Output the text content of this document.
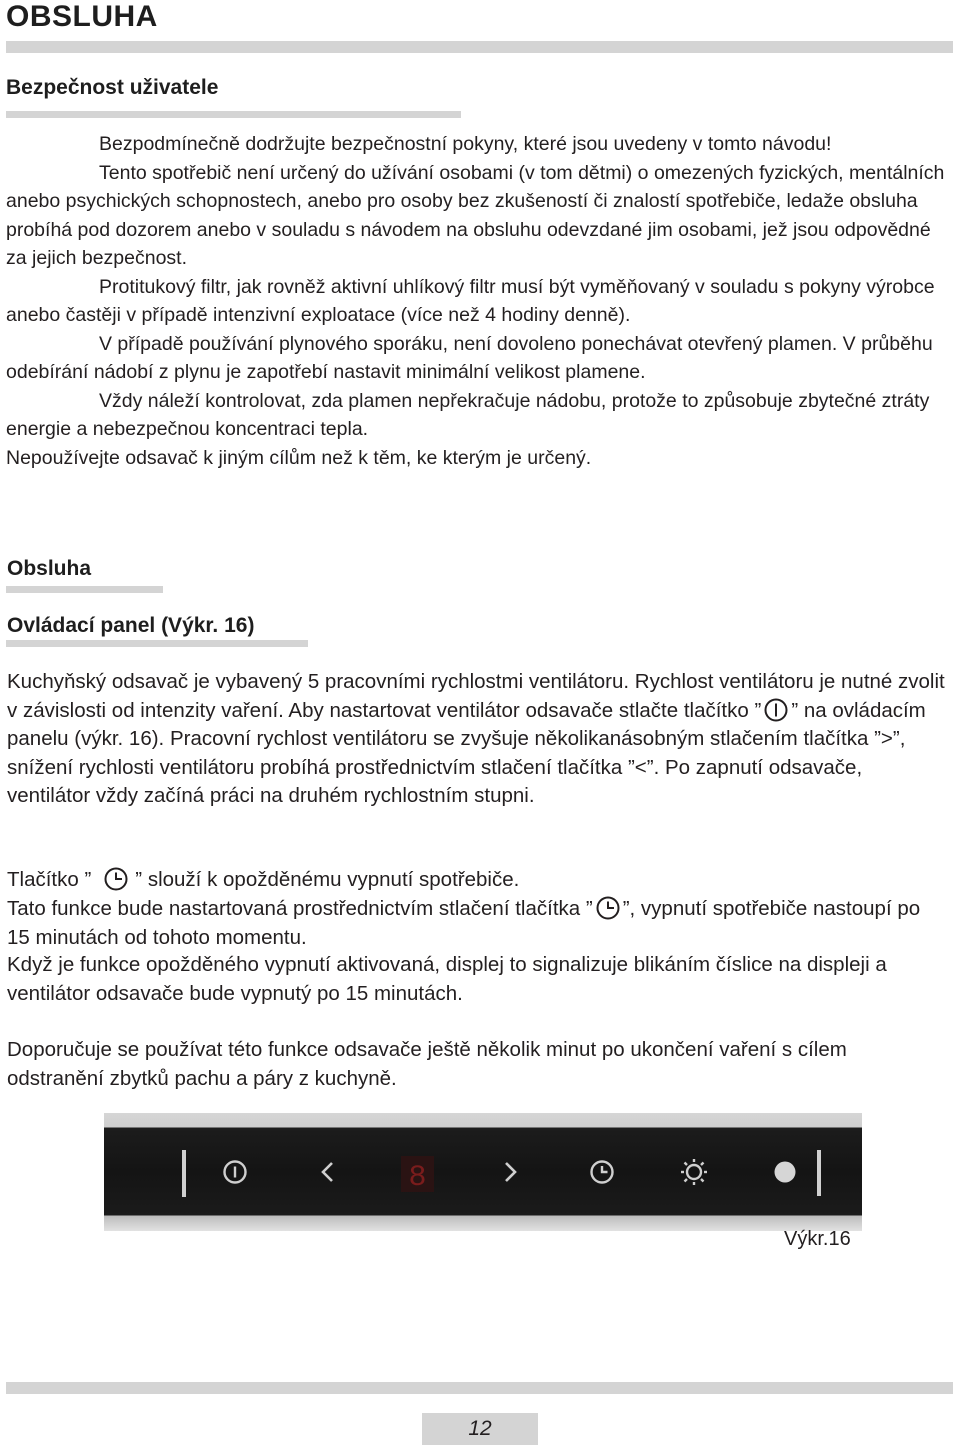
OBSLUHA
Bezpečnost uživatele

Bezpodmínečně dodržujte bezpečnostní pokyny, které jsou uvedeny v tomto návodu!

Tento spotřebič není určený do užívání osobami (v tom dětmi) o omezených fyzických, mentálních anebo psychických schopnostech, anebo pro osoby bez zkušeností či znalostí spotřebiče, ledaže obsluha probíhá pod dozorem anebo v souladu s návodem na obsluhu odevzdané jim osobami, jež jsou odpovědné za jejich bezpečnost.

Protitukový filtr, jak rovněž aktivní uhlíkový filtr musí být vyměňovaný v souladu s pokyny výrobce anebo častěji v případě intenzivní exploatace (více než 4 hodiny denně).

V případě používání plynového sporáku, není dovoleno ponechávat otevřený plamen. V průběhu odebírání nádobí z plynu je zapotřebí nastavit minimální velikost plamene.

Vždy náleží kontrolovat, zda plamen nepřekračuje nádobu, protože to způsobuje zbytečné ztráty energie a nebezpečnou koncentraci tepla.

Nepoužívejte odsavač k jiným cílům než k těm, ke kterým je určený.

Obsluha
Ovládací panel (Výkr. 16)
Kuchyňský odsavač je vybavený 5 pracovními rychlostmi ventilátoru. Rychlost ventilátoru je nutné zvolit v závislosti od intenzity vaření. Aby nastartovat ventilátor odsavače stlačte tlačítko ” ” na ovládacím panelu (výkr. 16). Pracovní rychlost ventilátoru se zvyšuje několikanásobným stlačením tlačítka ”>”, snížení rychlosti ventilátoru probíhá prostřednictvím stlačení tlačítka ”<”. Po zapnutí odsavače, ventilátor vždy začíná práci na druhém rychlostním stupni.
Tlačítko ” ” slouží k opožděnému vypnutí spotřebiče.
Tato funkce bude nastartovaná prostřednictvím stlačení tlačítka ” ”, vypnutí spotřebiče nastoupí po 15 minutách od tohoto momentu.
Když je funkce opožděného vypnutí aktivovaná, displej to signalizuje blikáním číslice na displeji a ventilátor odsavače bude vypnutý po 15 minutách.
Doporučuje se používat této funkce odsavače ještě několik minut po ukončení vaření s cílem odstranění zbytků pachu a páry z kuchyně.
8
Výkr.16
12
